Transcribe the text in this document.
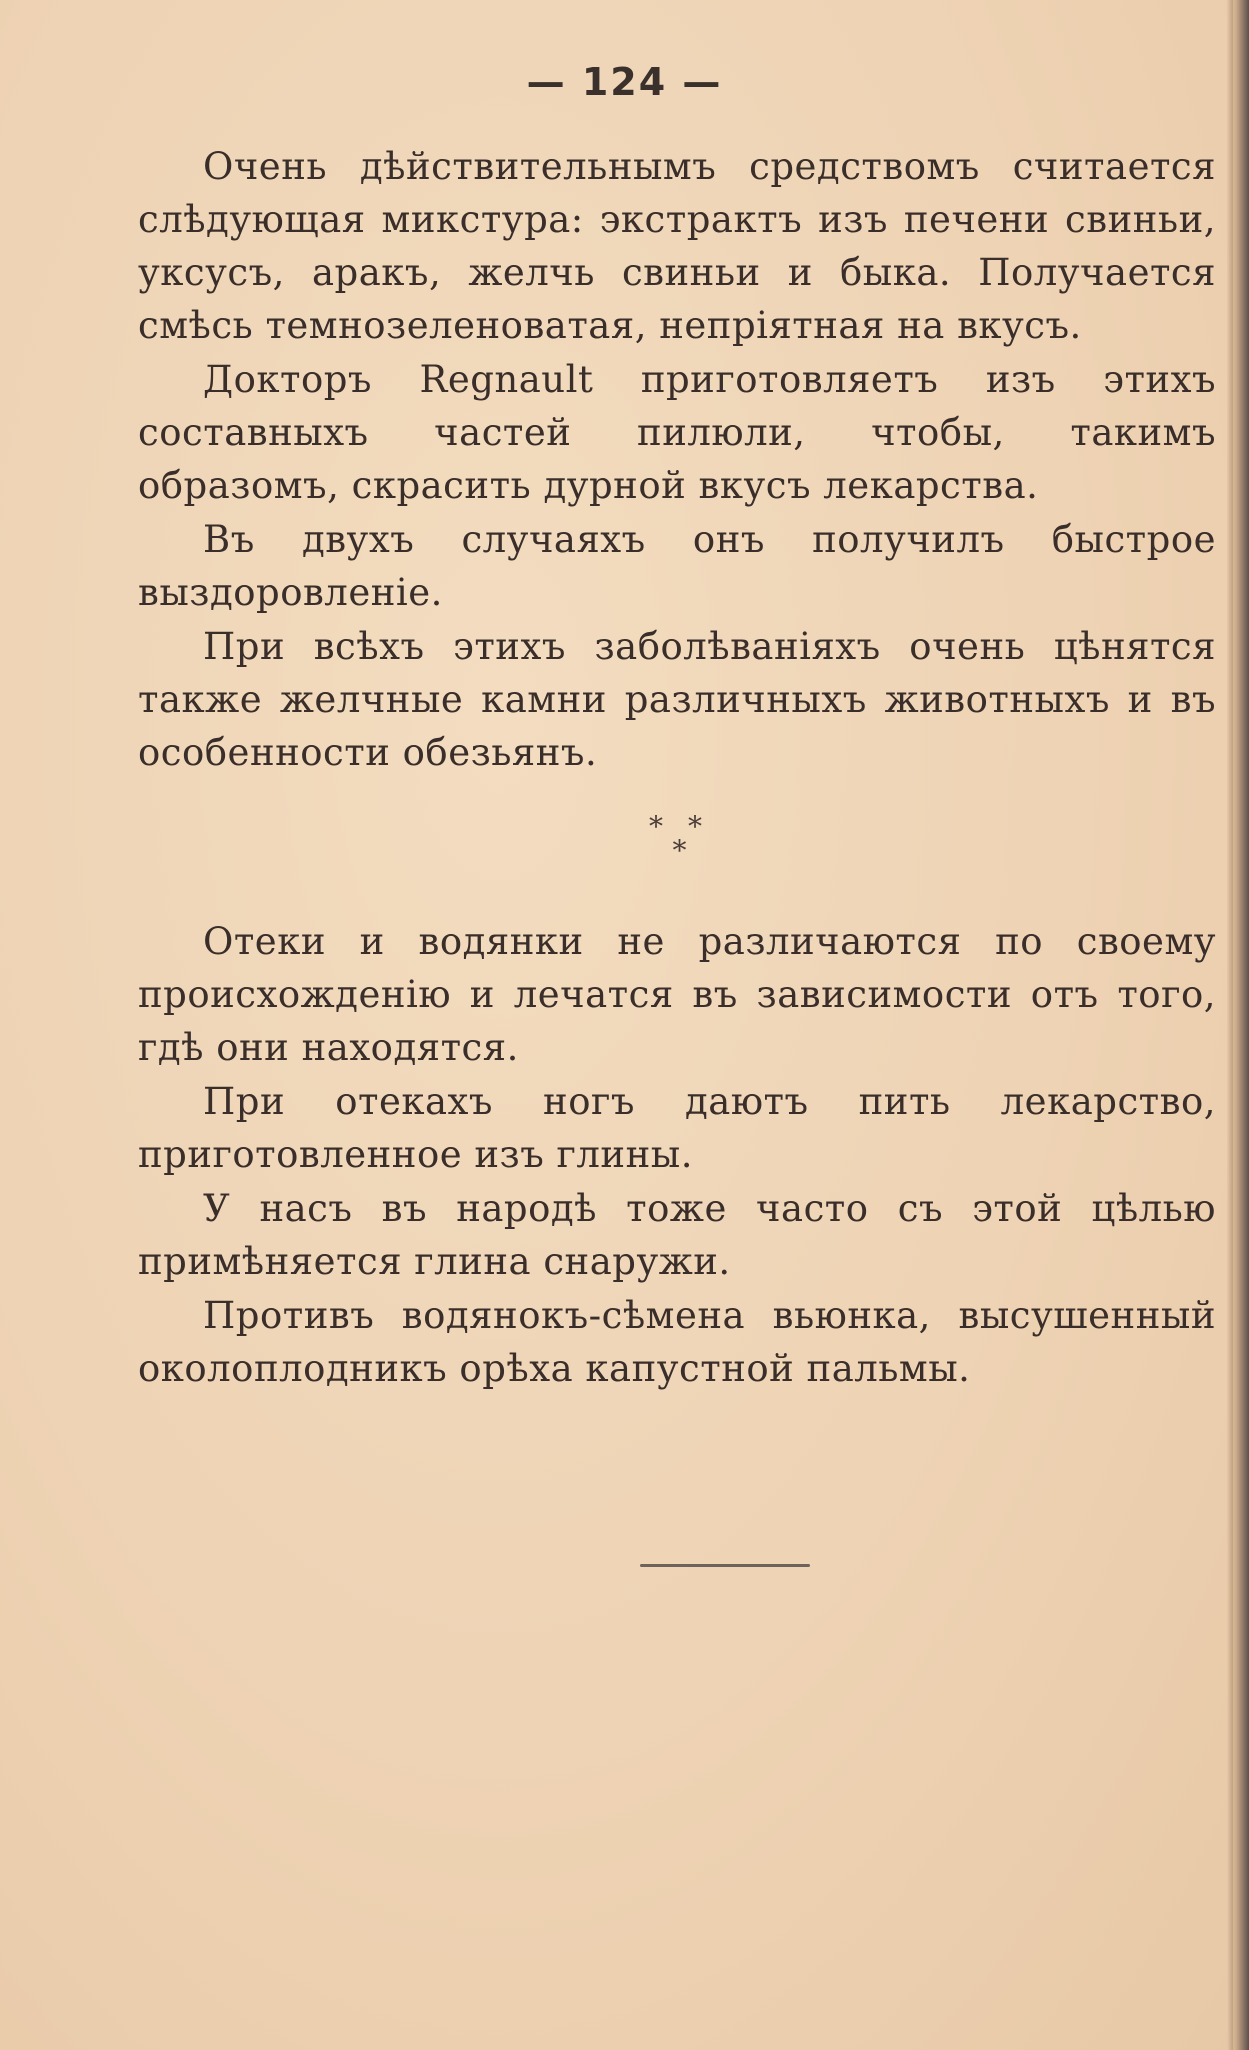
— 124 —

Очень дѣйствительнымъ средствомъ считается слѣдующая микстура: экстрактъ изъ печени свиньи, уксусъ, аракъ, желчь свиньи и быка. Получается смѣсь темнозеленоватая, непріятная на вкусъ.

Докторъ Regnault приготовляетъ изъ этихъ составныхъ частей пилюли, чтобы, такимъ образомъ, скрасить дурной вкусъ лекарства.

Въ двухъ случаяхъ онъ получилъ быстрое выздоровленіе.

При всѣхъ этихъ заболѣваніяхъ очень цѣнятся также желчные камни различныхъ животныхъ и въ особенности обезьянъ.

* *
*

Отеки и водянки не различаются по своему происхожденію и лечатся въ зависимости отъ того, гдѣ они находятся.

При отекахъ ногъ даютъ пить лекарство, приготовленное изъ глины.

У насъ въ народѣ тоже часто съ этой цѣлью примѣняется глина снаружи.

Противъ водянокъ-сѣмена вьюнка, высушенный околоплодникъ орѣха капустной пальмы.
